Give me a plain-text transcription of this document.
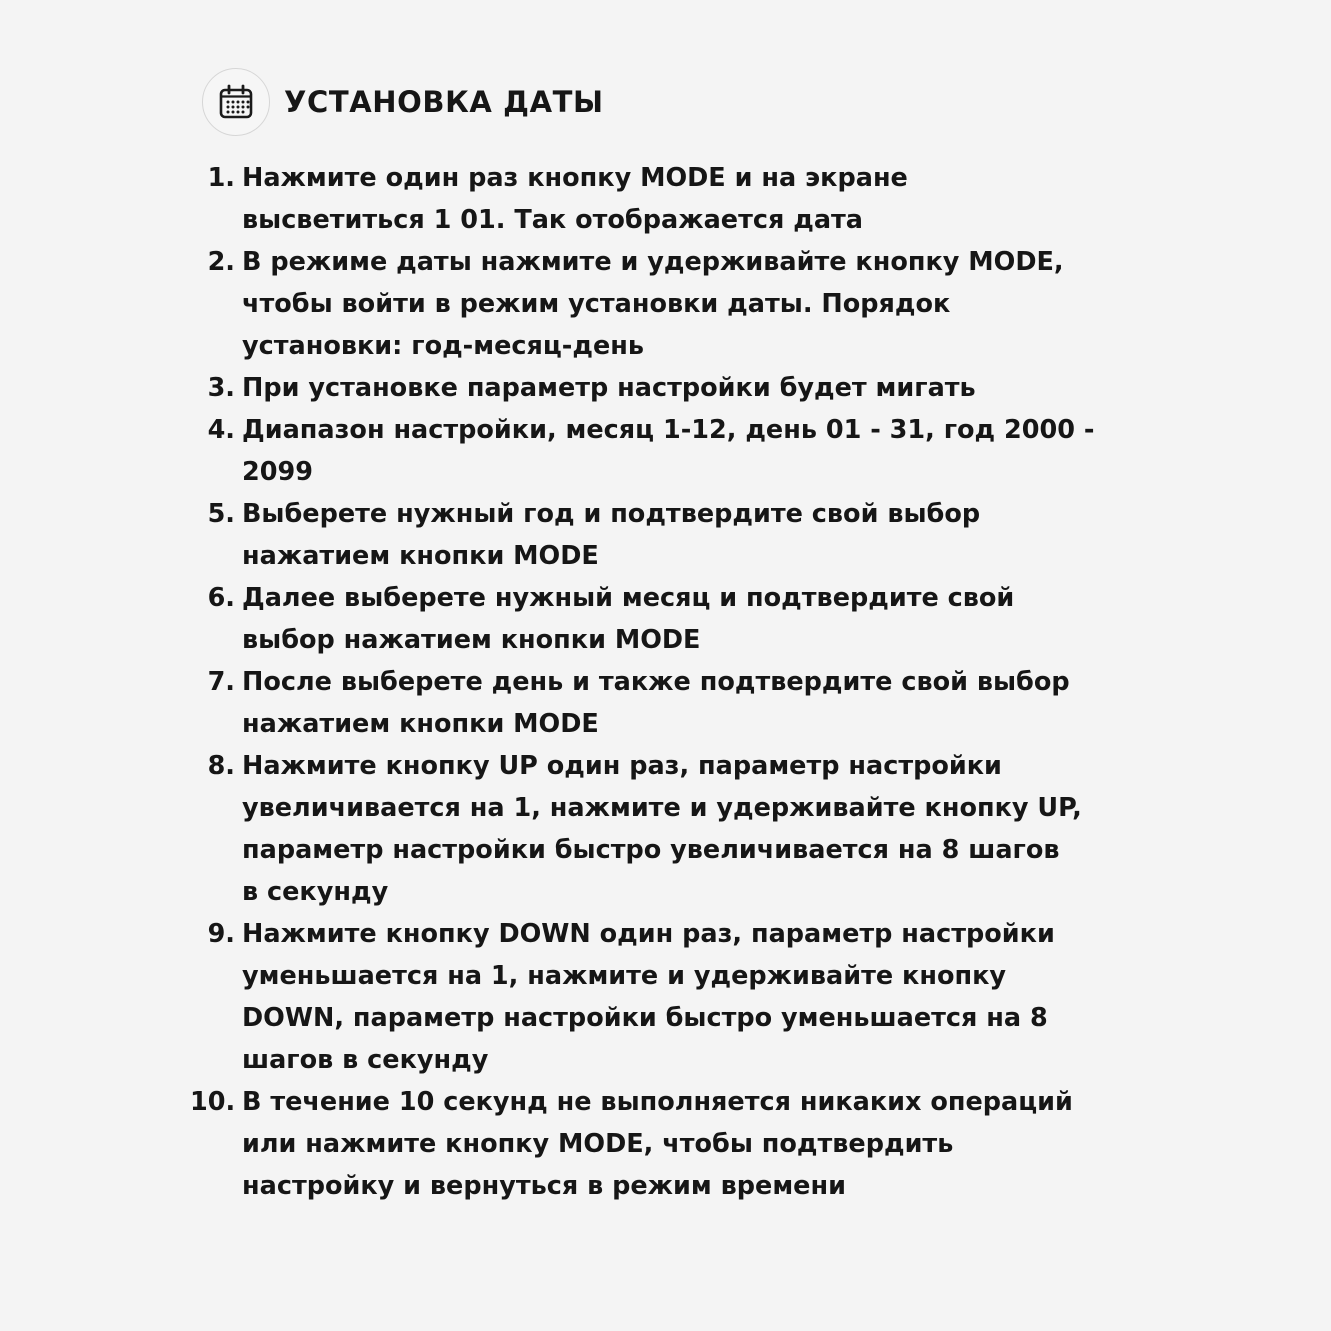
УСТАНОВКА ДАТЫ
1. Нажмите один раз кнопку MODE и на экране
высветиться 1 01. Так отображается дата
2. В режиме даты нажмите и удерживайте кнопку MODE,
чтобы войти в режим установки даты. Порядок
установки: год-месяц-день
3. При установке параметр настройки будет мигать
4. Диапазон настройки, месяц 1-12, день 01 - 31, год 2000 -
2099
5. Выберете нужный год и подтвердите свой выбор
нажатием кнопки MODE
6. Далее выберете нужный месяц и подтвердите свой
выбор нажатием кнопки MODE
7. После выберете день и также подтвердите свой выбор
нажатием кнопки MODE
8. Нажмите кнопку UP один раз, параметр настройки
увеличивается на 1, нажмите и удерживайте кнопку UP,
параметр настройки быстро увеличивается на 8 шагов
в секунду
9. Нажмите кнопку DOWN один раз, параметр настройки
уменьшается на 1, нажмите и удерживайте кнопку
DOWN, параметр настройки быстро уменьшается на 8
шагов в секунду
10. В течение 10 секунд не выполняется никаких операций
или нажмите кнопку MODE, чтобы подтвердить
настройку и вернуться в режим времени
